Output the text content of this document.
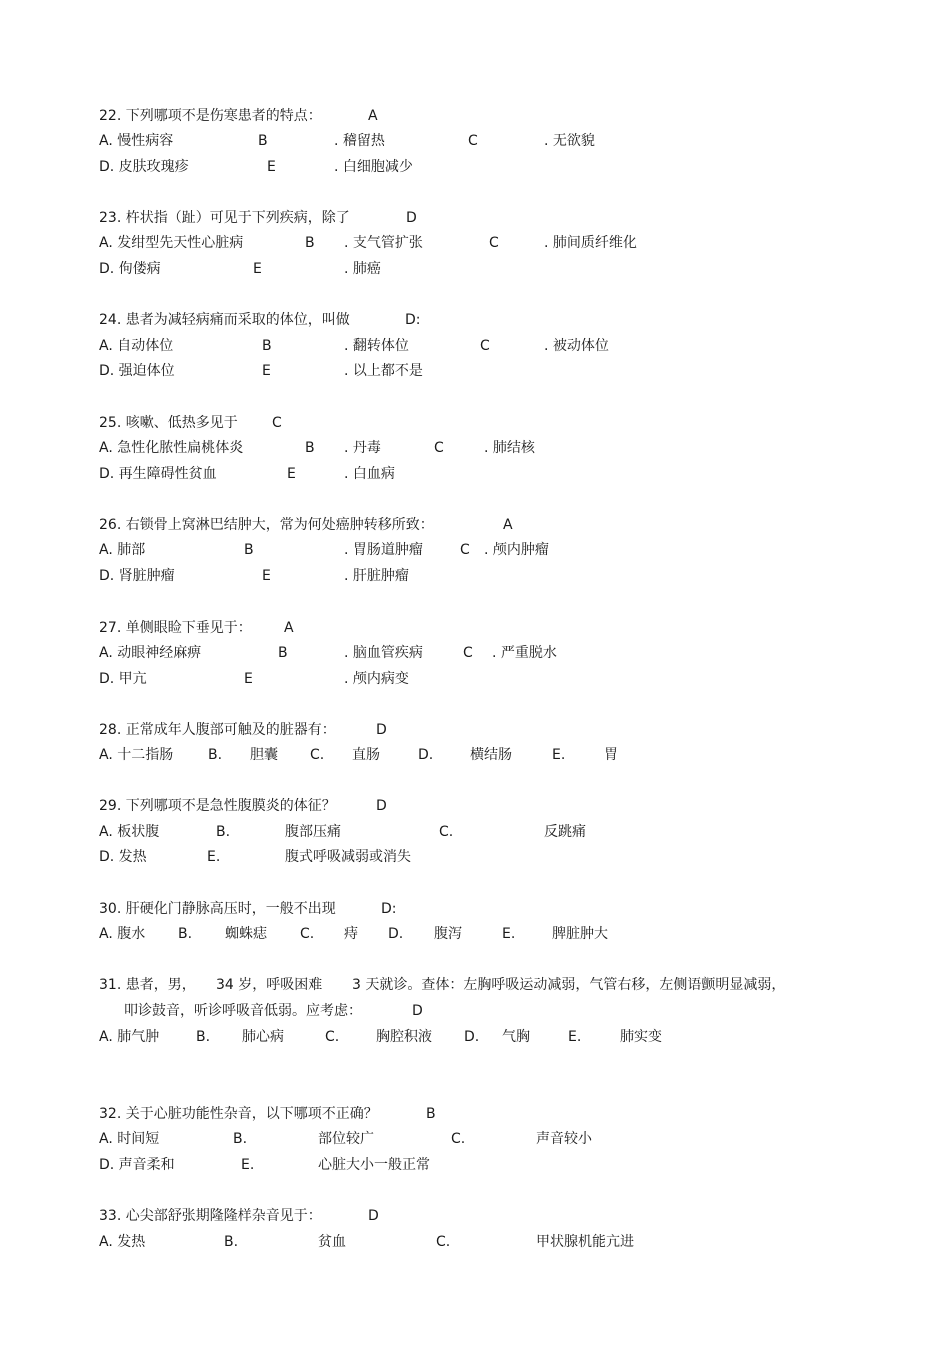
22. 下列哪项不是伤寒患者的特点：	A
A. 慢性病容	B	. 稽留热	C	. 无欲貌
D. 皮肤玫瑰疹	E	. 白细胞减少
23. 杵状指（趾）可见于下列疾病，除了	D
A. 发绀型先天性心脏病	B . 支气管扩张	C	. 肺间质纤维化
D. 佝偻病	E	. 肺癌
24. 患者为减轻病痛而采取的体位，叫做	D:
A. 自动体位	B	. 翻转体位	C	. 被动体位
D. 强迫体位	E	. 以上都不是
25. 咳嗽、低热多见于 C
A. 急性化脓性扁桃体炎	B . 丹毒	C	. 肺结核
D. 再生障碍性贫血	E	. 白血病
26. 右锁骨上窝淋巴结肿大，常为何处癌肿转移所致：	A
A. 肺部	B	. 胃肠道肿瘤	C . 颅内肿瘤
D. 肾脏肿瘤	E	. 肝脏肿瘤
27. 单侧眼睑下垂见于： A
A. 动眼神经麻痹	B	. 脑血管疾病	C . 严重脱水
D. 甲亢	E	. 颅内病变
28. 正常成年人腹部可触及的脏器有：	D
A. 十二指肠 B. 胆囊 C. 直肠	D.	横结肠	E.	胃
29. 下列哪项不是急性腹膜炎的体征？	D
A. 板状腹	B.	腹部压痛	C.	反跳痛
D. 发热	E.	腹式呼吸减弱或消失
30. 肝硬化门静脉高压时，一般不出现	D:
A. 腹水 B. 蜘蛛痣 C. 痔 D. 腹泻	E.	脾脏肿大
31. 患者，男， 34 岁，呼吸困难 3 天就诊。查体：左胸呼吸运动减弱，气管右移，左侧语颤明显减弱，
叩诊鼓音，听诊呼吸音低弱。应考虑：	D
A. 肺气肿	B. 肺心病	C.	胸腔积液 D. 气胸	E.	肺实变
32. 关于心脏功能性杂音，以下哪项不正确？	B
A. 时间短	B.	部位较广	C.	声音较小
D. 声音柔和	E.	心脏大小一般正常
33. 心尖部舒张期隆隆样杂音见于：	D
A. 发热	B.	贫血	C.	甲状腺机能亢进
